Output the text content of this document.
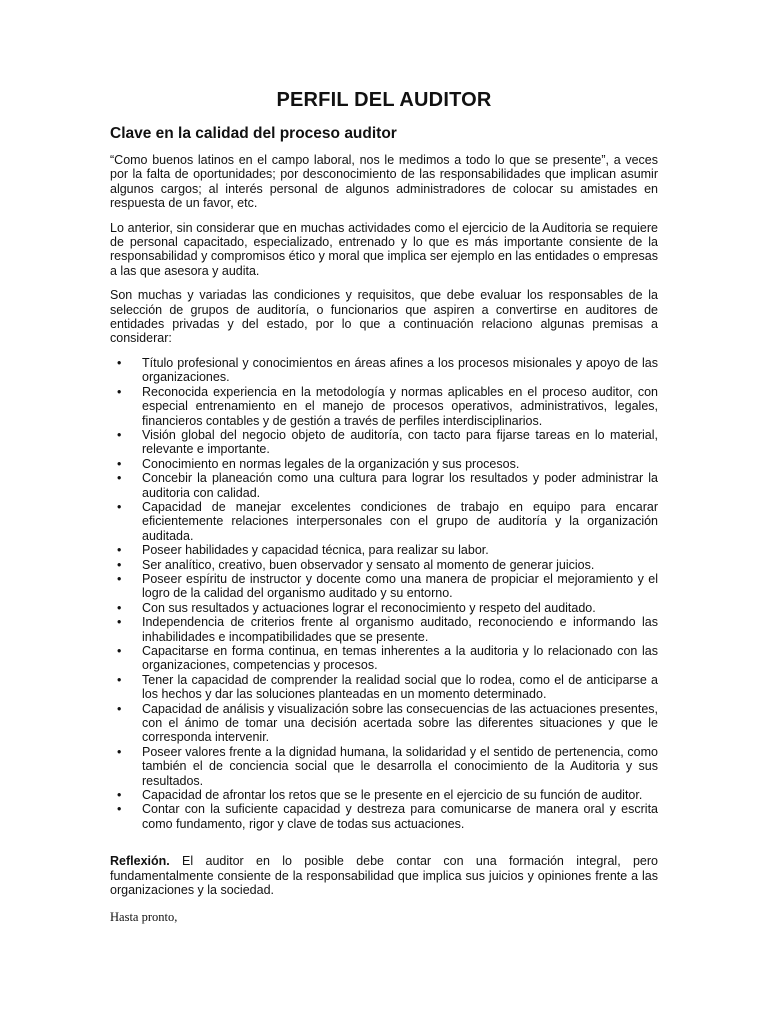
PERFIL DEL AUDITOR
Clave en la calidad del proceso auditor

“Como buenos latinos en el campo laboral, nos le medimos a todo lo que se presente”, a veces por la falta de oportunidades; por desconocimiento de las responsabilidades que implican asumir algunos cargos; al interés personal de algunos administradores de colocar su amistades en respuesta de un favor, etc.

Lo anterior, sin considerar que en muchas actividades como el ejercicio de la Auditoria se requiere de personal capacitado, especializado, entrenado y lo que es más importante consiente de la responsabilidad y compromisos ético y moral que implica ser ejemplo en las entidades o empresas a las que asesora y audita.

Son muchas y variadas las condiciones y requisitos, que debe evaluar los responsables de la selección de grupos de auditoría, o funcionarios que aspiren a convertirse en auditores de entidades privadas y del estado, por lo que a continuación relaciono algunas premisas a considerar:

• Título profesional y conocimientos en áreas afines a los procesos misionales y apoyo de las organizaciones.
• Reconocida experiencia en la metodología y normas aplicables en el proceso auditor, con especial entrenamiento en el manejo de procesos operativos, administrativos, legales, financieros contables y de gestión a través de perfiles interdisciplinarios.
• Visión global del negocio objeto de auditoría, con tacto para fijarse tareas en lo material, relevante e importante.
• Conocimiento en normas legales de la organización y sus procesos.
• Concebir la planeación como una cultura para lograr los resultados y poder administrar la auditoria con calidad.
• Capacidad de manejar excelentes condiciones de trabajo en equipo para encarar eficientemente relaciones interpersonales con el grupo de auditoría y la organización auditada.
• Poseer habilidades y capacidad técnica, para realizar su labor.
• Ser analítico, creativo, buen observador y sensato al momento de generar juicios.
• Poseer espíritu de instructor y docente como una manera de propiciar el mejoramiento y el logro de la calidad del organismo auditado y su entorno.
• Con sus resultados y actuaciones lograr el reconocimiento y respeto del auditado.
• Independencia de criterios frente al organismo auditado, reconociendo e informando las inhabilidades e incompatibilidades que se presente.
• Capacitarse en forma continua, en temas inherentes a la auditoria y lo relacionado con las organizaciones, competencias y procesos.
• Tener la capacidad de comprender la realidad social que lo rodea, como el de anticiparse a los hechos y dar las soluciones planteadas en un momento determinado.
• Capacidad de análisis y visualización sobre las consecuencias de las actuaciones presentes, con el ánimo de tomar una decisión acertada sobre las diferentes situaciones y que le corresponda intervenir.
• Poseer valores frente a la dignidad humana, la solidaridad y el sentido de pertenencia, como también el de conciencia social que le desarrolla el conocimiento de la Auditoria y sus resultados.
• Capacidad de afrontar los retos que se le presente en el ejercicio de su función de auditor.
• Contar con la suficiente capacidad y destreza para comunicarse de manera oral y escrita como fundamento, rigor y clave de todas sus actuaciones.

Reflexión. El auditor en lo posible debe contar con una formación integral, pero fundamentalmente consiente de la responsabilidad que implica sus juicios y opiniones frente a las organizaciones y la sociedad.

Hasta pronto,
